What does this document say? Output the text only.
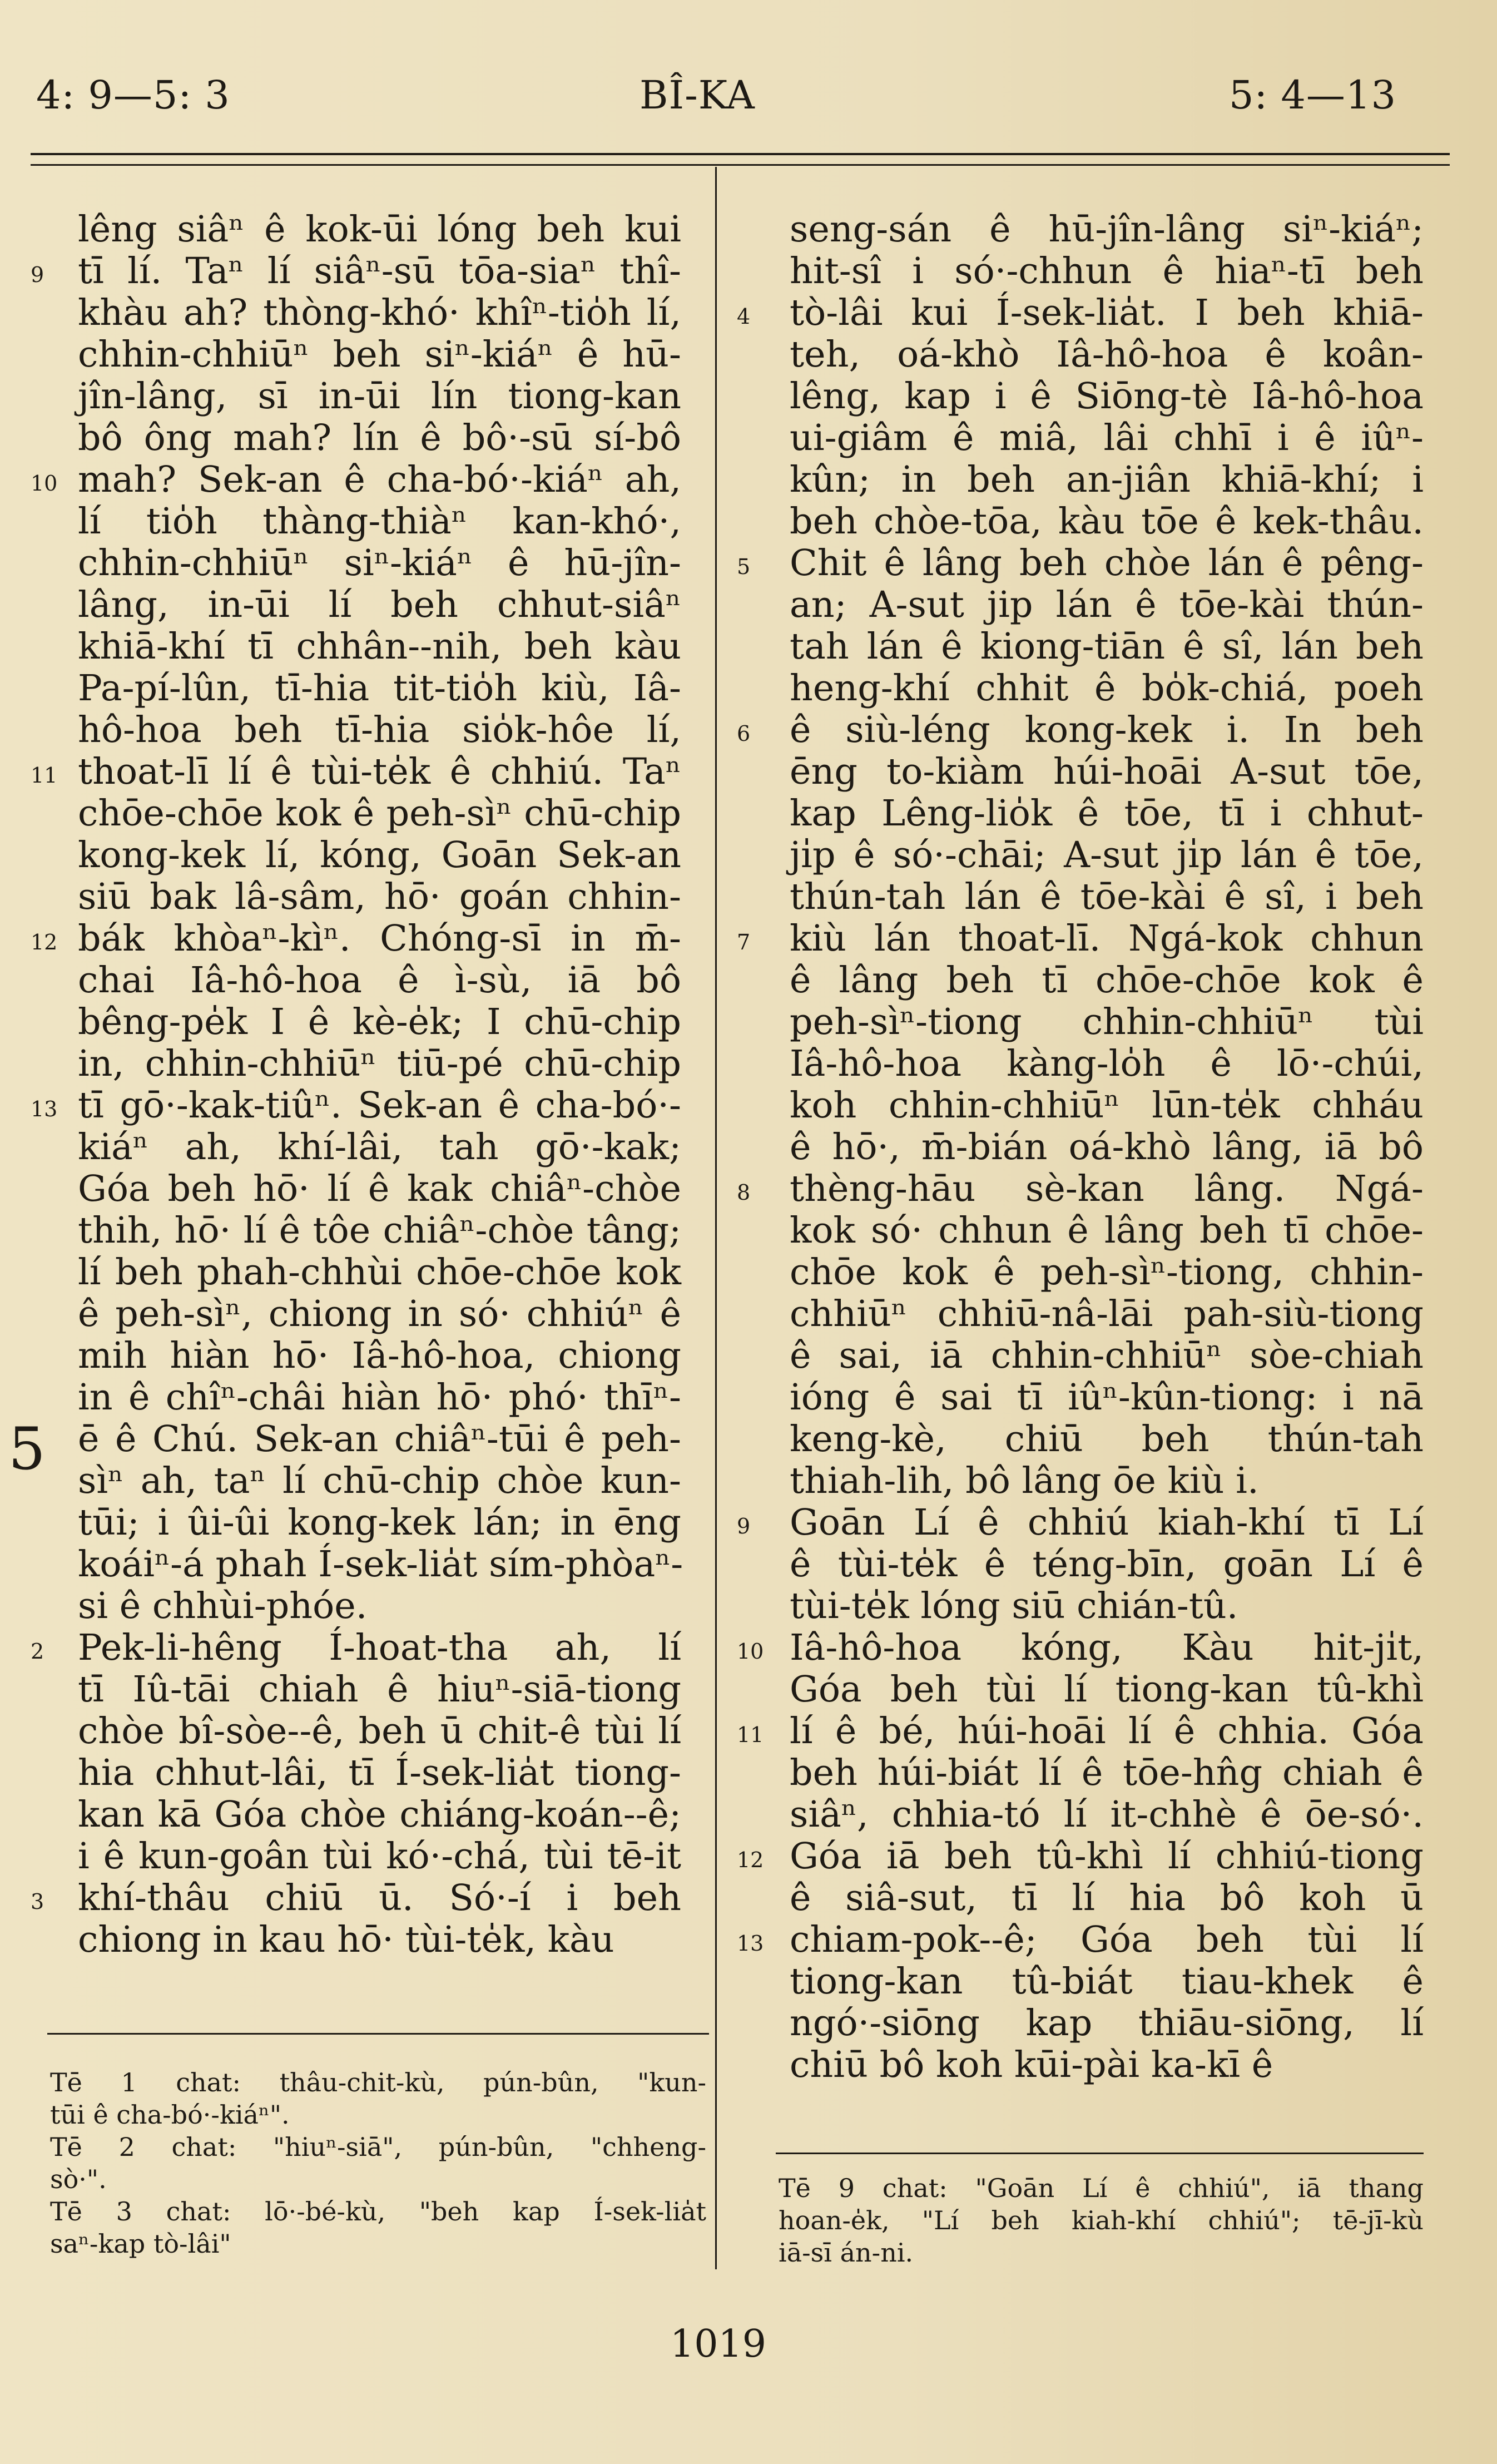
4: 9—5: 3	BÎ-KA	5: 4—13
lêng siâⁿ ê kok-ūi lóng beh kui
9 tī lí. Taⁿ lí siâⁿ-sū tōa-siaⁿ thî-
khàu ah? thòng-khó· khîⁿ-tio̍h lí,
chhin-chhiūⁿ beh siⁿ-kiáⁿ ê hū-
jîn-lâng, sī in-ūi lín tiong-kan
bô ông mah? lín ê bô·-sū sí-bô
10 mah? Sek-an ê cha-bó·-kiáⁿ ah,
lí tio̍h thàng-thiàⁿ kan-khó·,
chhin-chhiūⁿ siⁿ-kiáⁿ ê hū-jîn-
lâng, in-ūi lí beh chhut-siâⁿ
khiā-khí tī chhân--nih, beh kàu
Pa-pí-lûn, tī-hia tit-tio̍h kiù, Iâ-
hô-hoa beh tī-hia sio̍k-hôe lí,
11 thoat-lī lí ê tùi-te̍k ê chhiú. Taⁿ
chōe-chōe kok ê peh-sìⁿ chū-chip
kong-kek lí, kóng, Goān Sek-an
siū bak lâ-sâm, hō· goán chhin-
12 bák khòaⁿ-kìⁿ. Chóng-sī in m̄-
chai Iâ-hô-hoa ê ì-sù, iā bô
bêng-pe̍k I ê kè-e̍k; I chū-chip
in, chhin-chhiūⁿ tiū-pé chū-chip
13 tī gō·-kak-tiûⁿ. Sek-an ê cha-bó·-
kiáⁿ ah, khí-lâi, tah gō·-kak;
Góa beh hō· lí ê kak chiâⁿ-chòe
thih, hō· lí ê tôe chiâⁿ-chòe tâng;
lí beh phah-chhùi chōe-chōe kok
ê peh-sìⁿ, chiong in só· chhiúⁿ ê
mih hiàn hō· Iâ-hô-hoa, chiong
in ê chîⁿ-châi hiàn hō· phó· thīⁿ-
5 ē ê Chú. Sek-an chiâⁿ-tūi ê peh-
sìⁿ ah, taⁿ lí chū-chip chòe kun-
tūi; i ûi-ûi kong-kek lán; in ēng
koáiⁿ-á phah Í-sek-lia̍t sím-phòaⁿ-
si ê chhùi-phóe.
2 Pek-li-hêng Í-hoat-tha ah, lí
tī Iû-tāi chiah ê hiuⁿ-siā-tiong
chòe bî-sòe--ê, beh ū chit-ê tùi lí
hia chhut-lâi, tī Í-sek-lia̍t tiong-
kan kā Góa chòe chiáng-koán--ê;
i ê kun-goân tùi kó·-chá, tùi tē-it
3 khí-thâu chiū ū. Só·-í i beh
chiong in kau hō· tùi-te̍k, kàu
seng-sán ê hū-jîn-lâng siⁿ-kiáⁿ;
hit-sî i só·-chhun ê hiaⁿ-tī beh
4 tò-lâi kui Í-sek-lia̍t. I beh khiā-
teh, oá-khò Iâ-hô-hoa ê koân-
lêng, kap i ê Siōng-tè Iâ-hô-hoa
ui-giâm ê miâ, lâi chhī i ê iûⁿ-
kûn; in beh an-jiân khiā-khí; i
beh chòe-tōa, kàu tōe ê kek-thâu.
5 Chit ê lâng beh chòe lán ê pêng-
an; A-sut jip lán ê tōe-kài thún-
tah lán ê kiong-tiān ê sî, lán beh
heng-khí chhit ê bo̍k-chiá, poeh
6 ê siù-léng kong-kek i. In beh
ēng to-kiàm húi-hoāi A-sut tōe,
kap Lêng-lio̍k ê tōe, tī i chhut-
ji̍p ê só·-chāi; A-sut ji̍p lán ê tōe,
thún-tah lán ê tōe-kài ê sî, i beh
7 kiù lán thoat-lī. Ngá-kok chhun
ê lâng beh tī chōe-chōe kok ê
peh-sìⁿ-tiong chhin-chhiūⁿ tùi
Iâ-hô-hoa kàng-lo̍h ê lō·-chúi,
koh chhin-chhiūⁿ lūn-te̍k chháu
ê hō·, m̄-bián oá-khò lâng, iā bô
8 thèng-hāu sè-kan lâng. Ngá-
kok só· chhun ê lâng beh tī chōe-
chōe kok ê peh-sìⁿ-tiong, chhin-
chhiūⁿ chhiū-nâ-lāi pah-siù-tiong
ê sai, iā chhin-chhiūⁿ sòe-chiah
ióng ê sai tī iûⁿ-kûn-tiong: i nā
keng-kè, chiū beh thún-tah
thiah-lih, bô lâng ōe kiù i.
9 Goān Lí ê chhiú kiah-khí tī Lí
ê tùi-te̍k ê téng-bīn, goān Lí ê
tùi-te̍k lóng siū chián-tû.
10 Iâ-hô-hoa kóng, Kàu hit-ji̍t,
Góa beh tùi lí tiong-kan tû-khì
11 lí ê bé, húi-hoāi lí ê chhia. Góa
beh húi-biát lí ê tōe-hn̂g chiah ê
siâⁿ, chhia-tó lí it-chhè ê ōe-só·.
12 Góa iā beh tû-khì lí chhiú-tiong
ê siâ-sut, tī lí hia bô koh ū
13 chiam-pok--ê; Góa beh tùi lí
tiong-kan tû-biát tiau-khek ê
ngó·-siōng kap thiāu-siōng, lí
chiū bô koh kūi-pài ka-kī ê
Tē 1 chat: thâu-chit-kù, pún-bûn, "kun-
tūi ê cha-bó·-kiáⁿ".
Tē 2 chat: "hiuⁿ-siā", pún-bûn, "chheng-
sò·".
Tē 3 chat: lō·-bé-kù, "beh kap Í-sek-lia̍t
saⁿ-kap tò-lâi"
Tē 9 chat: "Goān Lí ê chhiú", iā thang
hoan-e̍k, "Lí beh kiah-khí chhiú"; tē-jī-kù
iā-sī án-ni.
1019
